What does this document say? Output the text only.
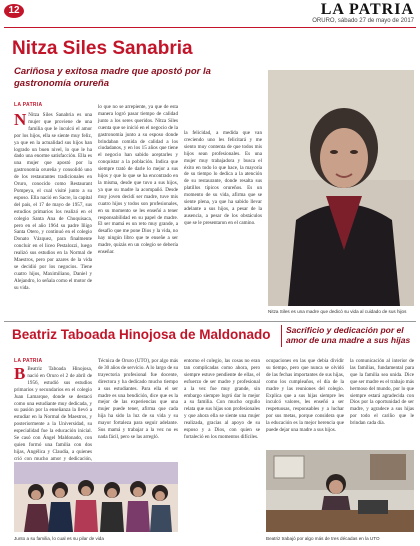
12	LA PATRIA
ORURO, sábado 27 de mayo de 2017
Nitza Siles Sanabria
Cariñosa y exitosa madre que apostó por la gastronomía orureña
LA PATRIA
N Nitza Siles Sanabria es una mujer que proviene de una familia que le inculcó el amor por los hijos, ella se siente muy feliz, ya que en la actualidad sus hijos han logrado un buen nivel, lo que le ha dado una enorme satisfacción. Ella es una mujer que apostó por la gastronomía orureña y consolidó uno de los restaurantes tradicionales en Oruro, conocido como Restaurant Pompeya, el cual visité junto a su esposo. Ella nació en Sacre, la capital del país, el 17 de mayo de 1957, sus estudios primarios los realizó en el colegio Santa Ana de Chuquisaca, pero en el año 1964 su padre Iñigo Santa Otero, y continuó en el colegio Donato Vázquez, para finalmente concluir en el liceo Pestalozzi, luego realizó sus estudios en la Normal de Maestros, pero por azares de la vida se decidió por los negocios. Tiene cuatro hijos, Maximiliano, Daniel y Alejandro, lo señala como el motor de su vida.
lo que no se arrepiente, ya que de esta manera logró pasar tiempo de calidad junto a los seres queridos. Nitza Siles cuenta que se inició en el negocio de la gastronomía junto a su esposo donde brindaban comida de calidad a los ciudadanos, y en los 15 años que tiene el negocio han sabido aceptarles y conquistar a la población. Indica que siempre trató de darle lo mejor a sus hijos y que lo que se ha encontrado en la misma, desde que tuvo a sus hijos, ya que su madre la acompañó. Desde muy joven decidí ser madre, tuve mis cuatro hijos y todos son profesionales, en su momento se les enseñó a tener responsabilidad en su papel de madre. El ser mamá es un reto muy grande, a desafío que me pone Dios y la vida, no hay ningún libro que te enseñe a ser madre, quizás en un colegio se debería enseñar.
la felicidad, a medida que van creciendo uno les felicitará y me siento muy contenta de que todos mis hijos sean profesionales. Es una mujer muy trabajadora y busca el éxito en todo lo que hace, la mayoría de su tiempo lo dedica a la atención de su restaurante, donde resalta sus platillos típicos orureños. Es un momento de su vida, afirma que se siente plena, ya que ha sabido llevar adelante a sus hijos, a pesar de la ausencia, a pesar de los obstáculos que se le presentaron en el camino.
Nitza Siles es una madre que dedicó su vida al cuidado de sus hijos
Beatriz Taboada Hinojosa de Maldonado Sacrificio y dedicación por el amor de una madre a sus hijas
LA PATRIA
B Beatriz Taboada Hinojosa, nació en Oruro el 2 de abril de 1956, estudió sus estudios primarios y secundarios en el colegio Juan Lamarque, donde se destacó como una estudiante muy dedicada, y su pasión por la enseñanza la llevó a estudiar en la Normal de Maestros, y posteriormente a la Universidad, su especialidad fue la educación inicial. Se casó con Ángel Maldonado, con quien formó una familia con dos hijas, Angélica y Claudia, a quienes crió con mucho amor y dedicación,
Técnica de Oruro (UTO), por algo más de 30 años de servicio. A lo largo de su trayectoria profesional fue docente, directora y ha dedicado mucho tiempo a sus estudiantes. Para ella el ser madre es una bendición, dice que es la mejor de las experiencias que una mujer puede tener, afirma que cada hija ha sido la luz de su vida y su mayor fortaleza para seguir adelante. Sus mamá y trabajar a la vez no es nada fácil, pero se las arregló.
entorno el colegio, las cosas no eran tan complicadas como ahora, pero siempre estuve pendiente de ellas, el esfuerzo de ser madre y profesional a la vez fue muy grande, sin embargo siempre logró dar lo mejor a su familia. Con mucho orgullo relata que sus hijas son profesionales y que ahora ella se siente una mujer realizada, gracias al apoyo de su esposo y a Dios, con quien se fortaleció en los momentos difíciles.
ocupaciones en las que debía dividir su tiempo, pero que nunca se olvidó de las fechas importantes de sus hijas, como los cumpleaños, el día de la madre y las reuniones del colegio. Explica que a sus hijas siempre les inculcó valores, les enseñó a ser respetuosas, responsables y a luchar por sus metas, porque considera que la educación es la mejor herencia que puede dejar una madre a sus hijos.
la comunicación al interior de las familias, fundamental para que la familia sea unida. Dice que ser madre es el trabajo más hermoso del mundo, por lo que siempre estará agradecida con Dios por la oportunidad de ser madre, y agradece a sus hijas por todo el cariño que le brindan cada día.
Junto a su familia, lo cual es su pilar de vida	Beatriz trabajó por algo más de tres décadas en la UTO
